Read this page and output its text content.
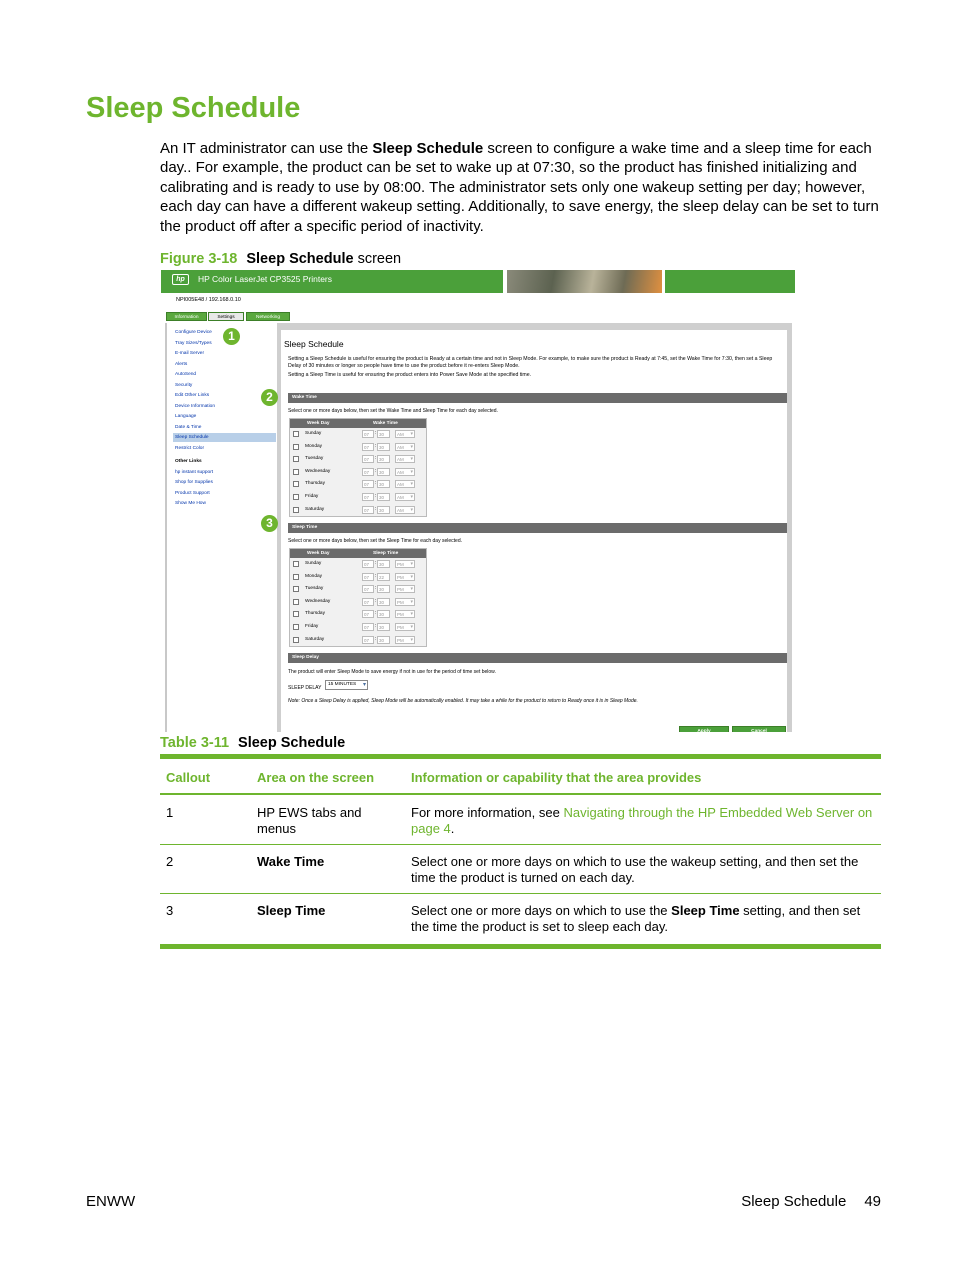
Sleep Schedule
An IT administrator can use the Sleep Schedule screen to configure a wake time and a sleep time for each day.. For example, the product can be set to wake up at 07:30, so the product has finished initializing and calibrating and is ready to use by 08:00. The administrator sets only one wakeup setting per day; however, each day can have a different wakeup setting. Additionally, to save energy, the sleep delay can be set to turn the product off after a specific period of inactivity.
Figure 3-18 Sleep Schedule screen
hp	HP Color LaserJet CP3525 Printers
NPI005E48 / 192.168.0.10
Information	Settings	Networking
Configure Device
Tray Sizes/Types
E-mail Server
Alerts
AutoSend
Security
Edit Other Links
Device Information
Language
Date & Time
Sleep Schedule
Restrict Color
Other Links
hp instant support
Shop for Supplies
Product Support
Show Me How
Sleep Schedule
Setting a Sleep Schedule is useful for ensuring the product is Ready at a certain time and not in Sleep Mode. For example, to make sure the product is Ready at 7:45, set the Wake Time for 7:30, then set a Sleep Delay of 30 minutes or longer so people have time to use the product before it re-enters Sleep Mode.
Setting a Sleep Time is useful for ensuring the product enters into Power Save Mode at the specified time.
Wake Time
Select one or more days below, then set the Wake Time and Sleep Time for each day selected.
Week Day	Wake Time
Sunday	07	: 30	AM ▾
Monday	07	: 30	AM ▾
Tuesday	07	: 30	AM ▾
Wednesday	07	: 30	AM ▾
Thursday	07	: 30	AM ▾
Friday	07	: 30	AM ▾
Saturday	07	: 30	AM ▾
Sleep Time
Select one or more days below, then set the Sleep Time for each day selected.
Week Day	Sleep Time
Sunday	07	: 30	PM ▾
Monday	07	: 22	PM ▾
Tuesday	07	: 30	PM ▾
Wednesday	07	: 30	PM ▾
Thursday	07	: 30	PM ▾
Friday	07	: 30	PM ▾
Saturday	07	: 30	PM ▾
Sleep Delay
The product will enter Sleep Mode to save energy if not in use for the period of time set below.
SLEEP DELAY
15 MINUTES ▾
Note: Once a Sleep Delay is applied, Sleep Mode will be automatically enabled. It may take a while for the product to return to Ready once it is in Sleep Mode.
Apply	Cancel
1
2
3
Table 3-11 Sleep Schedule
Callout	Area on the screen	Information or capability that the area provides
1	HP EWS tabs and menus	For more information, see Navigating through the HP Embedded Web Server on page 4.
2	Wake Time	Select one or more days on which to use the wakeup setting, and then set the time the product is turned on each day.
3	Sleep Time	Select one or more days on which to use the Sleep Time setting, and then set the time the product is set to sleep each day.
ENWW	Sleep Schedule 49
